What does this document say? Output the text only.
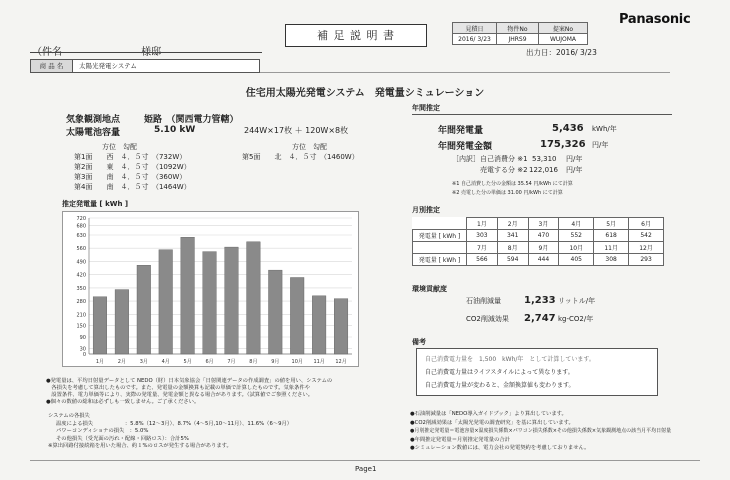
（件名	様邸
補 足 説 明 書	見積日	物件No	提案No
2016/ 3/23	JHRS9	WUJOMA
Panasonic
出力日：2016/ 3/23
商 品 名	太陽光発電システム
住宅用太陽光発電システム　発電量シミュレーション
気象観測地点	姫路　（関西電力管轄）
太陽電池容量	5.10 kW	244W×17枚 ＋ 120W×8枚
方位　勾配	方位　勾配
第1面　　西　４．５寸　（732W）
第2面　　東　４．５寸　（1092W）
第3面　　南　４．５寸　（360W）
第4面　　南　４．５寸　（1464W）
第5面　　北　４．５寸　（1460W）
推定発電量 [ kWh ]
0
30
90
150
210
280
350
420
490
560
630
680
720
1月	2月	3月	4月	5月	6月	7月	8月	9月 10月 11月 12月
年間推定
年間発電量	5,436 kWh/年
年間発電金額	175,326 円/年
［内訳］ 自己消費分 ※1 53,310 円/年
売電する分 ※2 122,016 円/年
※1 自己消費した分の金額は 35.54 円/kWh にて計算
※2 売電した分の単価は 31.00 円/kWh にて計算
月別推定
	1月	2月	3月	4月	5月	6月
発電量 [ kWh ]	303	341	470	552	618	542
	7月	8月	9月	10月	11月	12月
発電量 [ kWh ]	566	594	444	405	308	293
環境貢献度
石油削減量 1,233 リットル/年
CO2削減効果 2,747 kg-CO2/年
備考
自己消費電力量を　1,500　kWh/年　として計算しています。
自己消費電力量はライフスタイルによって異なります。
自己消費電力量が変わると、金額換算値も変わります。
●発電量は、平均日射量データとして NEDO（財）日本気象協会「日射関連データの作成調査」の値を用い、システムの
　各損失を考慮して算出したものです。また、発電量の金額換算も記載の単価で計算したものです。気象条件や
　設置条件、電力単価等により、実際の発電量、発電金額と異なる場合があります。（試算値でご参照ください。
●個々の数値の総和は必ずしも一致しません。ご了承ください。
システムの各損失
温度による損失　　　　　　：5.8%（12～3月）、8.7%（4～5月,10～11月）、11.6%（6～9月）
パワーコンディショナの損失　：5.0%
その他損失（受光面の汚れ・配線・回路ロス）：合計5%
※算出回路付接続箱を用いた場合、約１%のロスが発生する場合があります。
●石油削減量は「NEDO導入ガイドブック」より算出しています。
●CO2削減効果は「太陽光発電の調査研究」を基に算出しています。
●月別推定発電量＝電池容量×温度損失係数×パワコン損失係数×その他損失係数×気象観測地点の該当月平均日射量
●年間推定発電量＝月別推定発電量の合計
●シミュレーション数値には、電力会社の発電契約を考慮しておりません。
Page1
